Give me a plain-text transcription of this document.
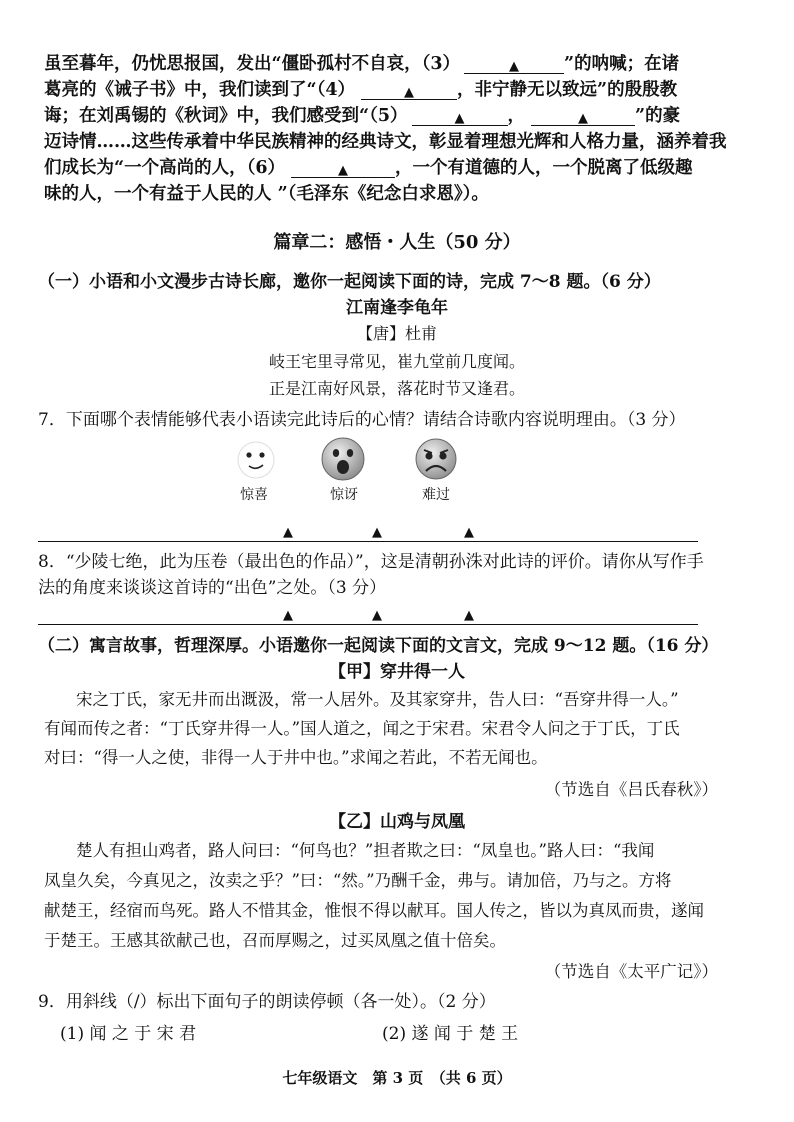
虽至暮年，仍忧思报国，发出“僵卧孤村不自哀，（3）	▲	”的呐喊；在诸
葛亮的《诫子书》中，我们读到了“（4）	▲ ，非宁静无以致远”的殷殷教
诲；在刘禹锡的《秋词》中，我们感受到“（5）	▲ ，	▲	”的豪
迈诗情……这些传承着中华民族精神的经典诗文，彰显着理想光辉和人格力量，涵养着我
们成长为“一个高尚的人，（6）	▲	，一个有道德的人，一个脱离了低级趣
味的人，一个有益于人民的人 ”（毛泽东《纪念白求恩》）。
篇章二：感悟・人生（50 分）
（一）小语和小文漫步古诗长廊，邀你一起阅读下面的诗，完成 7～8 题。（6 分）
江南逢李龟年
【唐】杜甫
岐王宅里寻常见，崔九堂前几度闻。
正是江南好风景，落花时节又逢君。
7．下面哪个表情能够代表小语读完此诗后的心情？请结合诗歌内容说明理由。（3 分）
惊喜	惊讶	难过
▲	▲	▲
8．“少陵七绝，此为压卷（最出色的作品）”，这是清朝孙洙对此诗的评价。请你从写作手
法的角度来谈谈这首诗的“出色”之处。（3 分）
▲	▲	▲
（二）寓言故事，哲理深厚。小语邀你一起阅读下面的文言文，完成 9～12 题。（16 分）
【甲】穿井得一人
宋之丁氏，家无井而出溉汲，常一人居外。及其家穿井，告人曰：“吾穿井得一人。”
有闻而传之者：“丁氏穿井得一人。”国人道之，闻之于宋君。宋君令人问之于丁氏，丁氏
对曰：“得一人之使，非得一人于井中也。”求闻之若此，不若无闻也。
（节选自《吕氏春秋》）
【乙】山鸡与凤凰
楚人有担山鸡者，路人问曰：“何鸟也？”担者欺之曰：“凤皇也。”路人曰：“我闻
凤皇久矣，今真见之，汝卖之乎？”曰：“然。”乃酬千金，弗与。请加倍，乃与之。方将
献楚王，经宿而鸟死。路人不惜其金，惟恨不得以献耳。国人传之，皆以为真凤而贵，遂闻
于楚王。王感其欲献己也，召而厚赐之，过买凤凰之值十倍矣。
（节选自《太平广记》）
9．用斜线（/）标出下面句子的朗读停顿（各一处）。（2 分）
(1) 闻 之 于 宋 君	(2) 遂 闻 于 楚 王
七年级语文　第 3 页　（共 6 页）
